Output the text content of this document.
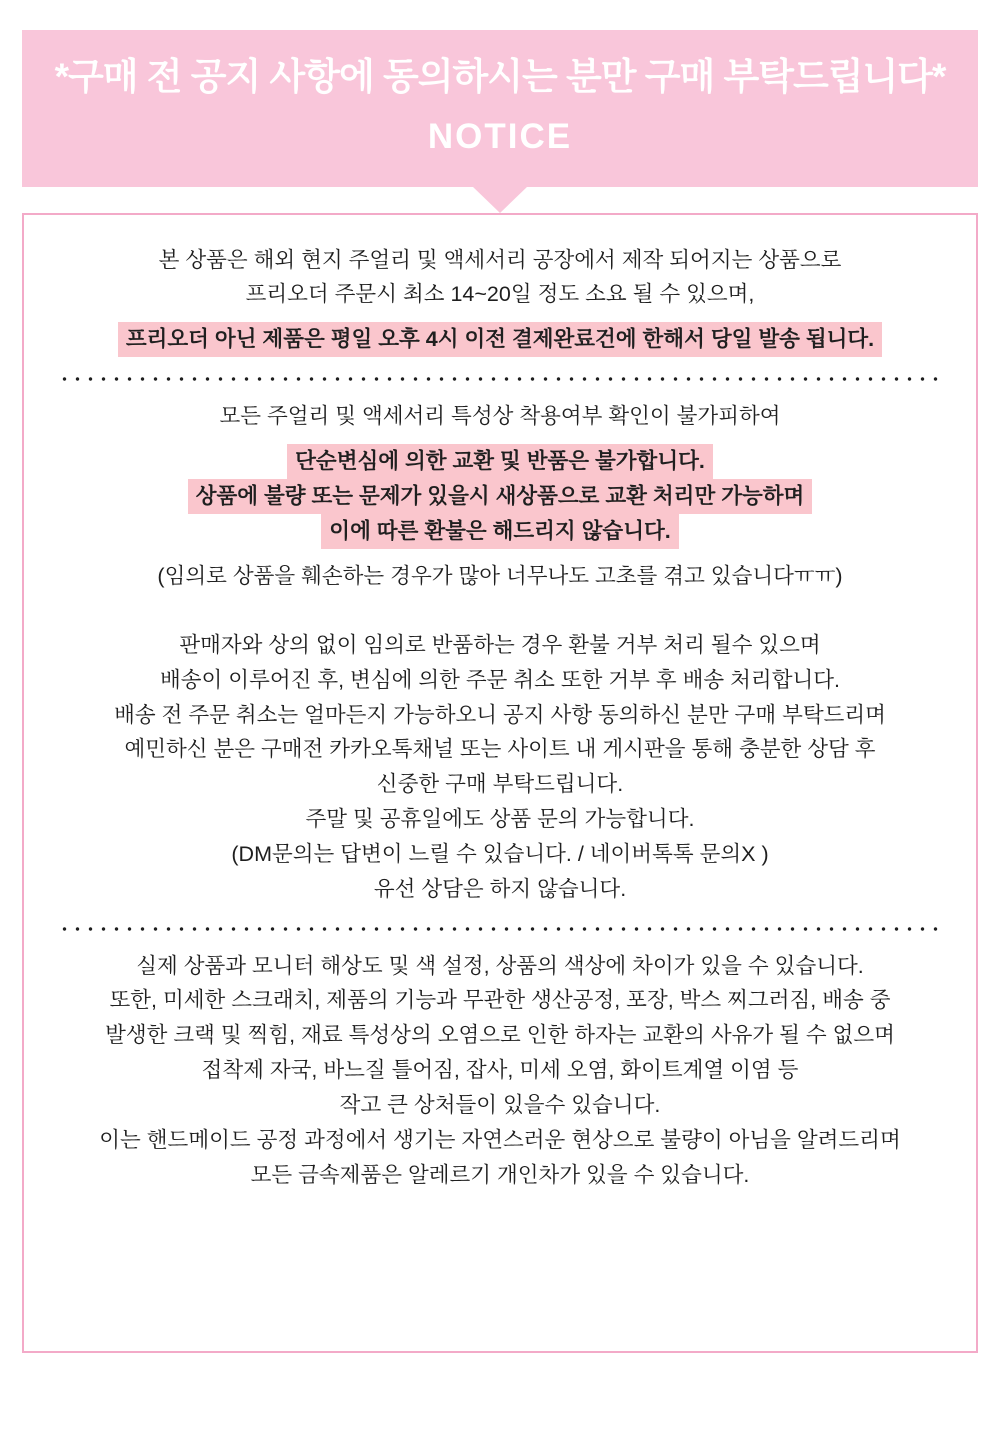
*구매 전 공지 사항에 동의하시는 분만 구매 부탁드립니다*
NOTICE
본 상품은 해외 현지 주얼리 및 액세서리 공장에서 제작 되어지는 상품으로
프리오더 주문시 최소 14~20일 정도 소요 될 수 있으며,
프리오더 아닌 제품은 평일 오후 4시 이전 결제완료건에 한해서 당일 발송 됩니다.
모든 주얼리 및 액세서리 특성상 착용여부 확인이 불가피하여
단순변심에 의한 교환 및 반품은 불가합니다.
상품에 불량 또는 문제가 있을시 새상품으로 교환 처리만 가능하며
이에 따른 환불은 해드리지 않습니다.
(임의로 상품을 훼손하는 경우가 많아 너무나도 고초를 겪고 있습니다ㅠㅠ)
판매자와 상의 없이 임의로 반품하는 경우 환불 거부 처리 될수 있으며
배송이 이루어진 후, 변심에 의한 주문 취소 또한 거부 후 배송 처리합니다.
배송 전 주문 취소는 얼마든지 가능하오니 공지 사항 동의하신 분만 구매 부탁드리며
예민하신 분은 구매전 카카오톡채널 또는 사이트 내 게시판을 통해 충분한 상담 후
신중한 구매 부탁드립니다.
주말 및 공휴일에도 상품 문의 가능합니다.
(DM문의는 답변이 느릴 수 있습니다. / 네이버톡톡 문의X )
유선 상담은 하지 않습니다.
실제 상품과 모니터 해상도 및 색 설정, 상품의 색상에 차이가 있을 수 있습니다.
또한, 미세한 스크래치, 제품의 기능과 무관한 생산공정, 포장, 박스 찌그러짐, 배송 중
발생한 크랙 및 찍힘, 재료 특성상의 오염으로 인한 하자는 교환의 사유가 될 수 없으며
접착제 자국, 바느질 틀어짐, 잡사, 미세 오염, 화이트계열 이염 등
작고 큰 상처들이 있을수 있습니다.
이는 핸드메이드 공정 과정에서 생기는 자연스러운 현상으로 불량이 아님을 알려드리며
모든 금속제품은 알레르기 개인차가 있을 수 있습니다.
